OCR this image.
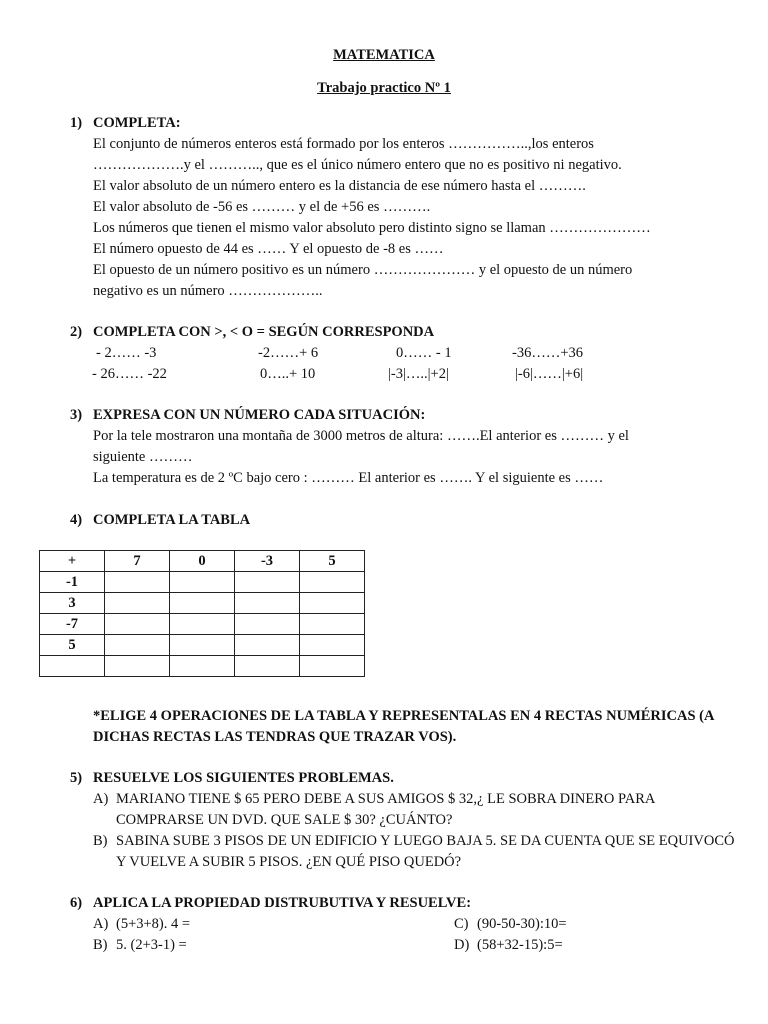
MATEMATICA
Trabajo practico Nº 1
1) COMPLETA:
El conjunto de números enteros está formado por los enteros ……………..,los enteros
……………….y el ……….., que es el único número entero que no es positivo ni negativo.
El valor absoluto de un número entero es la distancia de ese número hasta el ……….
El valor absoluto de -56 es ……… y el de +56 es ……….
Los números que tienen el mismo valor absoluto pero distinto signo se llaman …………………
El número opuesto de 44 es …… Y el opuesto de -8 es ……
El opuesto de un número positivo es un número ………………… y el opuesto de un número
negativo es un número ………………..
2) COMPLETA CON >, < O = SEGÚN CORRESPONDA
- 2…… -3	-2……+ 6	0…… - 1	-36……+36
- 26…… -22	0…..+ 10	|-3|…..|+2|	|-6|……|+6|
3) EXPRESA CON UN NÚMERO CADA SITUACIÓN:
Por la tele mostraron una montaña de 3000 metros de altura: …….El anterior es ……… y el
siguiente ………
La temperatura es de 2 ºC bajo cero : ……… El anterior es ……. Y el siguiente es ……
4) COMPLETA LA TABLA
+	7	0	-3	5
-1				
3				
-7				
5				

*ELIGE 4 OPERACIONES DE LA TABLA Y REPRESENTALAS EN 4 RECTAS NUMÉRICAS (A
DICHAS RECTAS LAS TENDRAS QUE TRAZAR VOS).
5) RESUELVE LOS SIGUIENTES PROBLEMAS.
A) MARIANO TIENE $ 65 PERO DEBE A SUS AMIGOS $ 32,¿ LE SOBRA DINERO PARA
COMPRARSE UN DVD. QUE SALE $ 30? ¿CUÁNTO?
B) SABINA SUBE 3 PISOS DE UN EDIFICIO Y LUEGO BAJA 5. SE DA CUENTA QUE SE EQUIVOCÓ
Y VUELVE A SUBIR 5 PISOS. ¿EN QUÉ PISO QUEDÓ?
6) APLICA LA PROPIEDAD DISTRUBUTIVA Y RESUELVE:
A) (5+3+8). 4 =	C) (90-50-30):10=
B) 5. (2+3-1) =	D) (58+32-15):5=
